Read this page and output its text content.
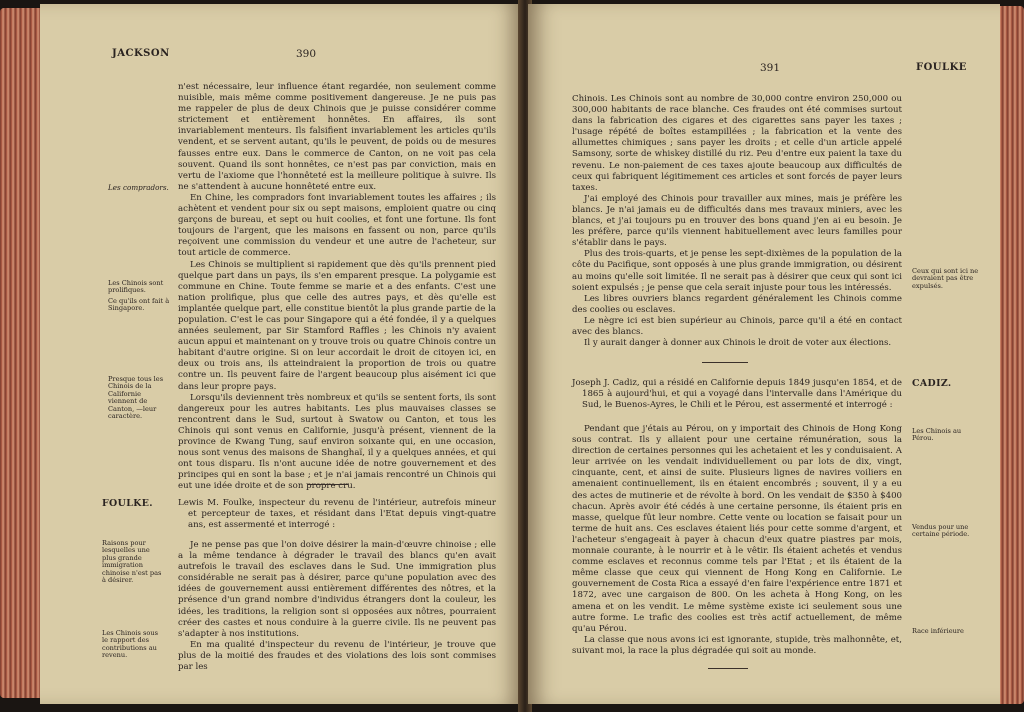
JACKSON	390

n'est nécessaire, leur influence étant regardée, non seulement comme nuisible, mais même comme positivement dangereuse. Je ne puis pas me rappeler de plus de deux Chinois que je puisse considérer comme strictement et entièrement honnêtes. En affaires, ils sont invariablement menteurs. Ils falsifient invariablement les articles qu'ils vendent, et se servent autant, qu'ils le peuvent, de poids ou de mesures fausses entre eux. Dans le commerce de Canton, on ne voit pas cela souvent. Quand ils sont honnêtes, ce n'est pas par conviction, mais en vertu de l'axiome que l'honnêteté est la meilleure politique à suivre. Ils ne s'attendent à aucune honnêteté entre eux.

En Chine, les compradors font invariablement toutes les affaires ; ils achètent et vendent pour six ou sept maisons, emploient quatre ou cinq garçons de bureau, et sept ou huit coolies, et font une fortune. Ils font toujours de l'argent, que les maisons en fassent ou non, parce qu'ils reçoivent une commission du vendeur et une autre de l'acheteur, sur tout article de commerce.

Les Chinois se multiplient si rapidement que dès qu'ils prennent pied quelque part dans un pays, ils s'en emparent presque. La polygamie est commune en Chine. Toute femme se marie et a des enfants. C'est une nation prolifique, plus que celle des autres pays, et dès qu'elle est implantée quelque part, elle constitue bientôt la plus grande partie de la population. C'est le cas pour Singapore qui a été fondée, il y a quelques années seulement, par Sir Stamford Raffles ; les Chinois n'y avaient aucun appui et maintenant on y trouve trois ou quatre Chinois contre un habitant d'autre origine. Si on leur accordait le droit de citoyen ici, en deux ou trois ans, ils atteindraient la proportion de trois ou quatre contre un. Ils peuvent faire de l'argent beaucoup plus aisément ici que dans leur propre pays.

Lorsqu'ils deviennent très nombreux et qu'ils se sentent forts, ils sont dangereux pour les autres habitants. Les plus mauvaises classes se rencontrent dans le Sud, surtout à Swatow ou Canton, et tous les Chinois qui sont venus en Californie, jusqu'à présent, viennent de la province de Kwang Tung, sauf environ soixante qui, en une occasion, nous sont venus des maisons de Shanghaï, il y a quelques années, et qui ont tous disparu. Ils n'ont aucune idée de notre gouvernement et des principes qui en sont la base ; et je n'ai jamais rencontré un Chinois qui eut une idée droite et de son propre cru.

Les compradors.
Les Chinois sont prolifiques.
Ce qu'ils ont fait à Singapore.
Presque tous les Chinois de la Californie viennent de Canton, —leur caractère.
FOULKE.	Lewis M. Foulke, inspecteur du revenu de l'intérieur, autrefois mineur et percepteur de taxes, et résidant dans l'Etat depuis vingt-quatre ans, est assermenté et interrogé :

Je ne pense pas que l'on doive désirer la main-d'œuvre chinoise ; elle a la même tendance à dégrader le travail des blancs qu'en avait autrefois le travail des esclaves dans le Sud. Une immigration plus considérable ne serait pas à désirer, parce qu'une population avec des idées de gouvernement aussi entièrement différentes des nôtres, et la présence d'un grand nombre d'individus étrangers dont la couleur, les idées, les traditions, la religion sont si opposées aux nôtres, pourraient créer des castes et nous conduire à la guerre civile. Ils ne peuvent pas s'adapter à nos institutions.

En ma qualité d'inspecteur du revenu de l'intérieur, je trouve que plus de la moitié des fraudes et des violations des lois sont commises par les

Raisons pour lesquelles une plus grande immigration chinoise n'est pas à désirer.
Les Chinois sous le rapport des contributions au revenu.
391	FOULKE

Chinois. Les Chinois sont au nombre de 30,000 contre environ 250,000 ou 300,000 habitants de race blanche. Ces fraudes ont été commises surtout dans la fabrication des cigares et des cigarettes sans payer les taxes ; l'usage répété de boîtes estampillées ; la fabrication et la vente des allumettes chimiques ; sans payer les droits ; et celle d'un article appelé Samsony, sorte de whiskey distillé du riz. Peu d'entre eux paient la taxe du revenu. Le non-paiement de ces taxes ajoute beaucoup aux difficultés de ceux qui fabriquent légitimement ces articles et sont forcés de payer leurs taxes.

J'ai employé des Chinois pour travailler aux mines, mais je préfère les blancs. Je n'ai jamais eu de difficultés dans mes travaux miniers, avec les blancs, et j'ai toujours pu en trouver des bons quand j'en ai eu besoin. Je les préfère, parce qu'ils viennent habituellement avec leurs familles pour s'établir dans le pays.

Plus des trois-quarts, et je pense les sept-dixièmes de la population de la côte du Pacifique, sont opposés à une plus grande immigration, ou désirent au moins qu'elle soit limitée. Il ne serait pas à désirer que ceux qui sont ici soient expulsés ; je pense que cela serait injuste pour tous les intéressés.

Les libres ouvriers blancs regardent généralement les Chinois comme des coolies ou esclaves.

Le nègre ici est bien supérieur au Chinois, parce qu'il a été en contact avec des blancs.

Il y aurait danger à donner aux Chinois le droit de voter aux élections.

Ceux qui sont ici ne devraient pas être expulsés.

Joseph J. Cadiz, qui a résidé en Californie depuis 1849 jusqu'en 1854, et de 1865 à aujourd'hui, et qui a voyagé dans l'intervalle dans l'Amérique du Sud, le Buenos-Ayres, le Chili et le Pérou, est assermenté et interrogé :

CADIZ.

Pendant que j'étais au Pérou, on y importait des Chinois de Hong Kong sous contrat. Ils y allaient pour une certaine rémunération, sous la direction de certaines personnes qui les achetaient et les y conduisaient. A leur arrivée on les vendait individuellement ou par lots de dix, vingt, cinquante, cent, et ainsi de suite. Plusieurs lignes de navires voiliers en amenaient continuellement, ils en étaient encombrés ; souvent, il y a eu des actes de mutinerie et de révolte à bord. On les vendait de $350 à $400 chacun. Après avoir été cédés à une certaine personne, ils étaient pris en masse, quelque fût leur nombre. Cette vente ou location se faisait pour un terme de huit ans. Ces esclaves étaient liés pour cette somme d'argent, et l'acheteur s'engageait à payer à chacun d'eux quatre piastres par mois, monnaie courante, à le nourrir et à le vêtir. Ils étaient achetés et vendus comme esclaves et reconnus comme tels par l'Etat ; et ils étaient de la même classe que ceux qui viennent de Hong Kong en Californie. Le gouvernement de Costa Rica a essayé d'en faire l'expérience entre 1871 et 1872, avec une cargaison de 800. On les acheta à Hong Kong, on les amena et on les vendit. Le même système existe ici seulement sous une autre forme. Le trafic des coolies est très actif actuellement, de même qu'au Pérou.

La classe que nous avons ici est ignorante, stupide, très malhonnête, et, suivant moi, la race la plus dégradée qui soit au monde.

Les Chinois au Pérou.
Vendus pour une certaine période.
Race inférieure
